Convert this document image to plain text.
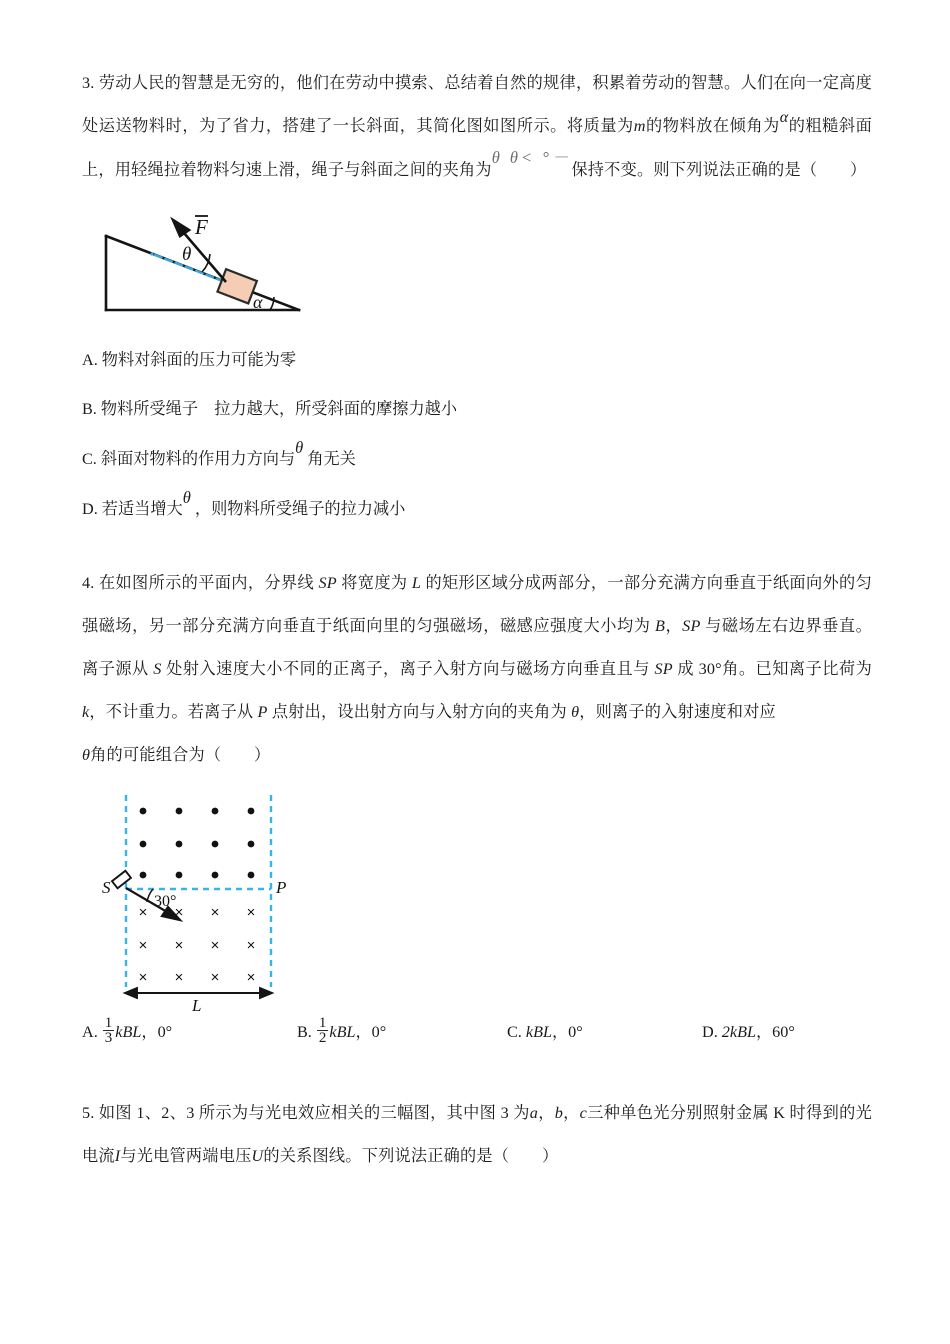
3. 劳动人民的智慧是无穷的，他们在劳动中摸索、总结着自然的规律，积累着劳动的智慧。人们在向一定高度处运送物料时，为了省力，搭建了一长斜面，其简化图如图所示。将质量为m的物料放在倾角为α的粗糙斜面上，用轻绳拉着物料匀速上滑，绳子与斜面之间的夹角为θ θ< °－保持不变。则下列说法正确的是（　　 ）
F
θ
α
A. 物料对斜面的压力可能为零
B. 物料所受绳子　拉力越大，所受斜面的摩擦力越小
C. 斜面对物料的作用力方向与θ 角无关
D. 若适当增大θ ，则物料所受绳子的拉力减小
4. 在如图所示的平面内，分界线 SP 将宽度为 L 的矩形区域分成两部分，一部分充满方向垂直于纸面向外的匀强磁场，另一部分充满方向垂直于纸面向里的匀强磁场，磁感应强度大小均为 B，SP 与磁场左右边界垂直。离子源从 S 处射入速度大小不同的正离子，离子入射方向与磁场方向垂直且与 SP 成 30°角。已知离子比荷为k，不计重力。若离子从 P 点射出，设出射方向与入射方向的夹角为 θ，则离子的入射速度和对应
θ角的可能组合为（　　 ）
× × × ×
× × × ×
× × × ×
S	P
30°
L
A. $\frac{1}{3}$ kBL，0°	B. $\frac{1}{2}$ kBL，0°	C. kBL，0°	D. 2kBL，60°
5. 如图 1、2、3 所示为与光电效应相关的三幅图，其中图 3 为a，b，c三种单色光分别照射金属 K 时得到的光电流I与光电管两端电压U的关系图线。下列说法正确的是（　　 ）
